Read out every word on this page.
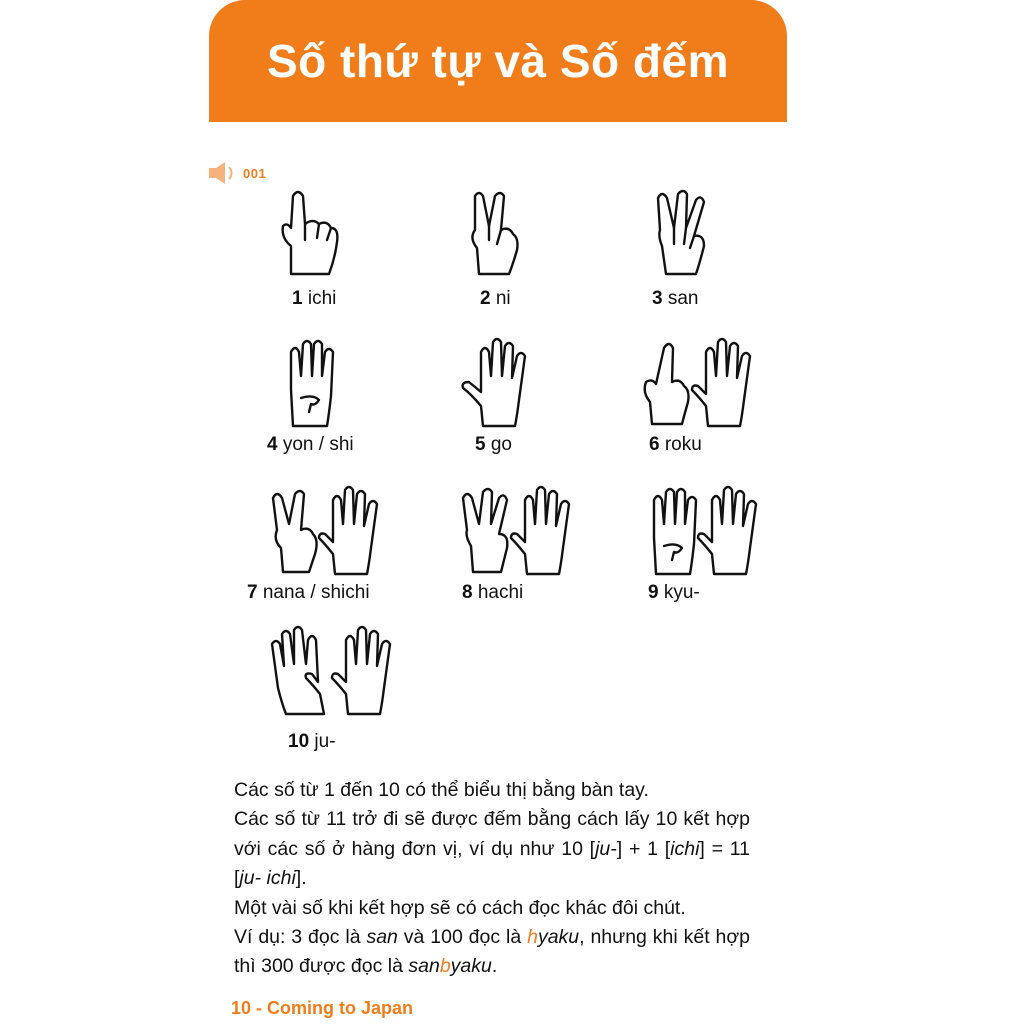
Số thứ tự và Số đếm
001
1 ichi	2 ni	3 san
4 yon / shi	5 go	6 roku
7 nana / shichi	8 hachi	9 kyu-
10 ju-

Các số từ 1 đến 10 có thể biểu thị bằng bàn tay.

Các số từ 11 trở đi sẽ được đếm bằng cách lấy 10 kết hợp với các số ở hàng đơn vị, ví dụ như 10 [ju-] + 1 [ichi] = 11 [ju- ichi].

Một vài số khi kết hợp sẽ có cách đọc khác đôi chút.

Ví dụ: 3 đọc là san và 100 đọc là hyaku, nhưng khi kết hợp thì 300 được đọc là sanbyaku.

10 - Coming to Japan
